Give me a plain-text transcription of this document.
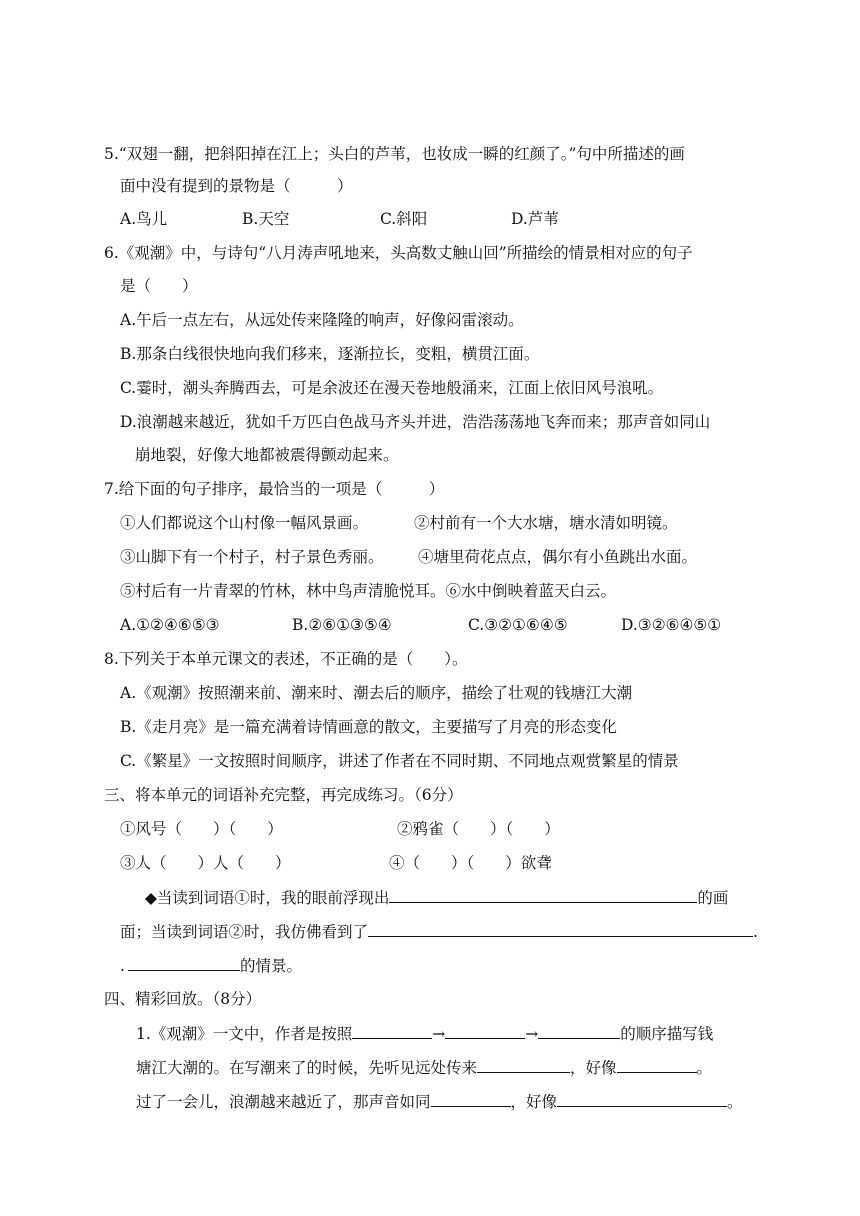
5.“双翅一翻，把斜阳掉在江上；头白的芦苇，也妆成一瞬的红颜了。”句中所描述的画
面中没有提到的景物是（　　　）
A.鸟儿	B.天空	C.斜阳	D.芦苇
6.《观潮》中，与诗句“八月涛声吼地来，头高数丈触山回”所描绘的情景相对应的句子
是（　　）
A.午后一点左右，从远处传来隆隆的响声，好像闷雷滚动。
B.那条白线很快地向我们移来，逐渐拉长，变粗，横贯江面。
C.霎时，潮头奔腾西去，可是余波还在漫天卷地般涌来，江面上依旧风号浪吼。
D.浪潮越来越近，犹如千万匹白色战马齐头并进，浩浩荡荡地飞奔而来；那声音如同山
崩地裂，好像大地都被震得颤动起来。
7.给下面的句子排序，最恰当的一项是（　　　）
①人们都说这个山村像一幅风景画。	②村前有一个大水塘，塘水清如明镜。
③山脚下有一个村子，村子景色秀丽。 ④塘里荷花点点，偶尔有小鱼跳出水面。
⑤村后有一片青翠的竹林，林中鸟声清脆悦耳。⑥水中倒映着蓝天白云。
A.①②④⑥⑤③	B.②⑥①③⑤④	C.③②①⑥④⑤	D.③②⑥④⑤①
8.下列关于本单元课文的表述，不正确的是（　　）。
A.《观潮》按照潮来前、潮来时、潮去后的顺序，描绘了壮观的钱塘江大潮
B.《走月亮》是一篇充满着诗情画意的散文，主要描写了月亮的形态变化
C.《繁星》一文按照时间顺序，讲述了作者在不同时期、不同地点观赏繁星的情景
三、将本单元的词语补充完整，再完成练习。（6分）
①风号（　　）（　　）	②鸦雀（　　）（　　）
③人（　　）人（　　）	④（　　）（　　）欲聋
◆当读到词语①时，我的眼前浮现出	的画
面；当读到词语②时，我仿佛看到了	.
.	的情景。
四、精彩回放。（8分）
1.《观潮》一文中，作者是按照	→	→	的顺序描写钱
塘江大潮的。在写潮来了的时候，先听见远处传来	，好像	。
过了一会儿，浪潮越来越近了，那声音如同	，好像	。
